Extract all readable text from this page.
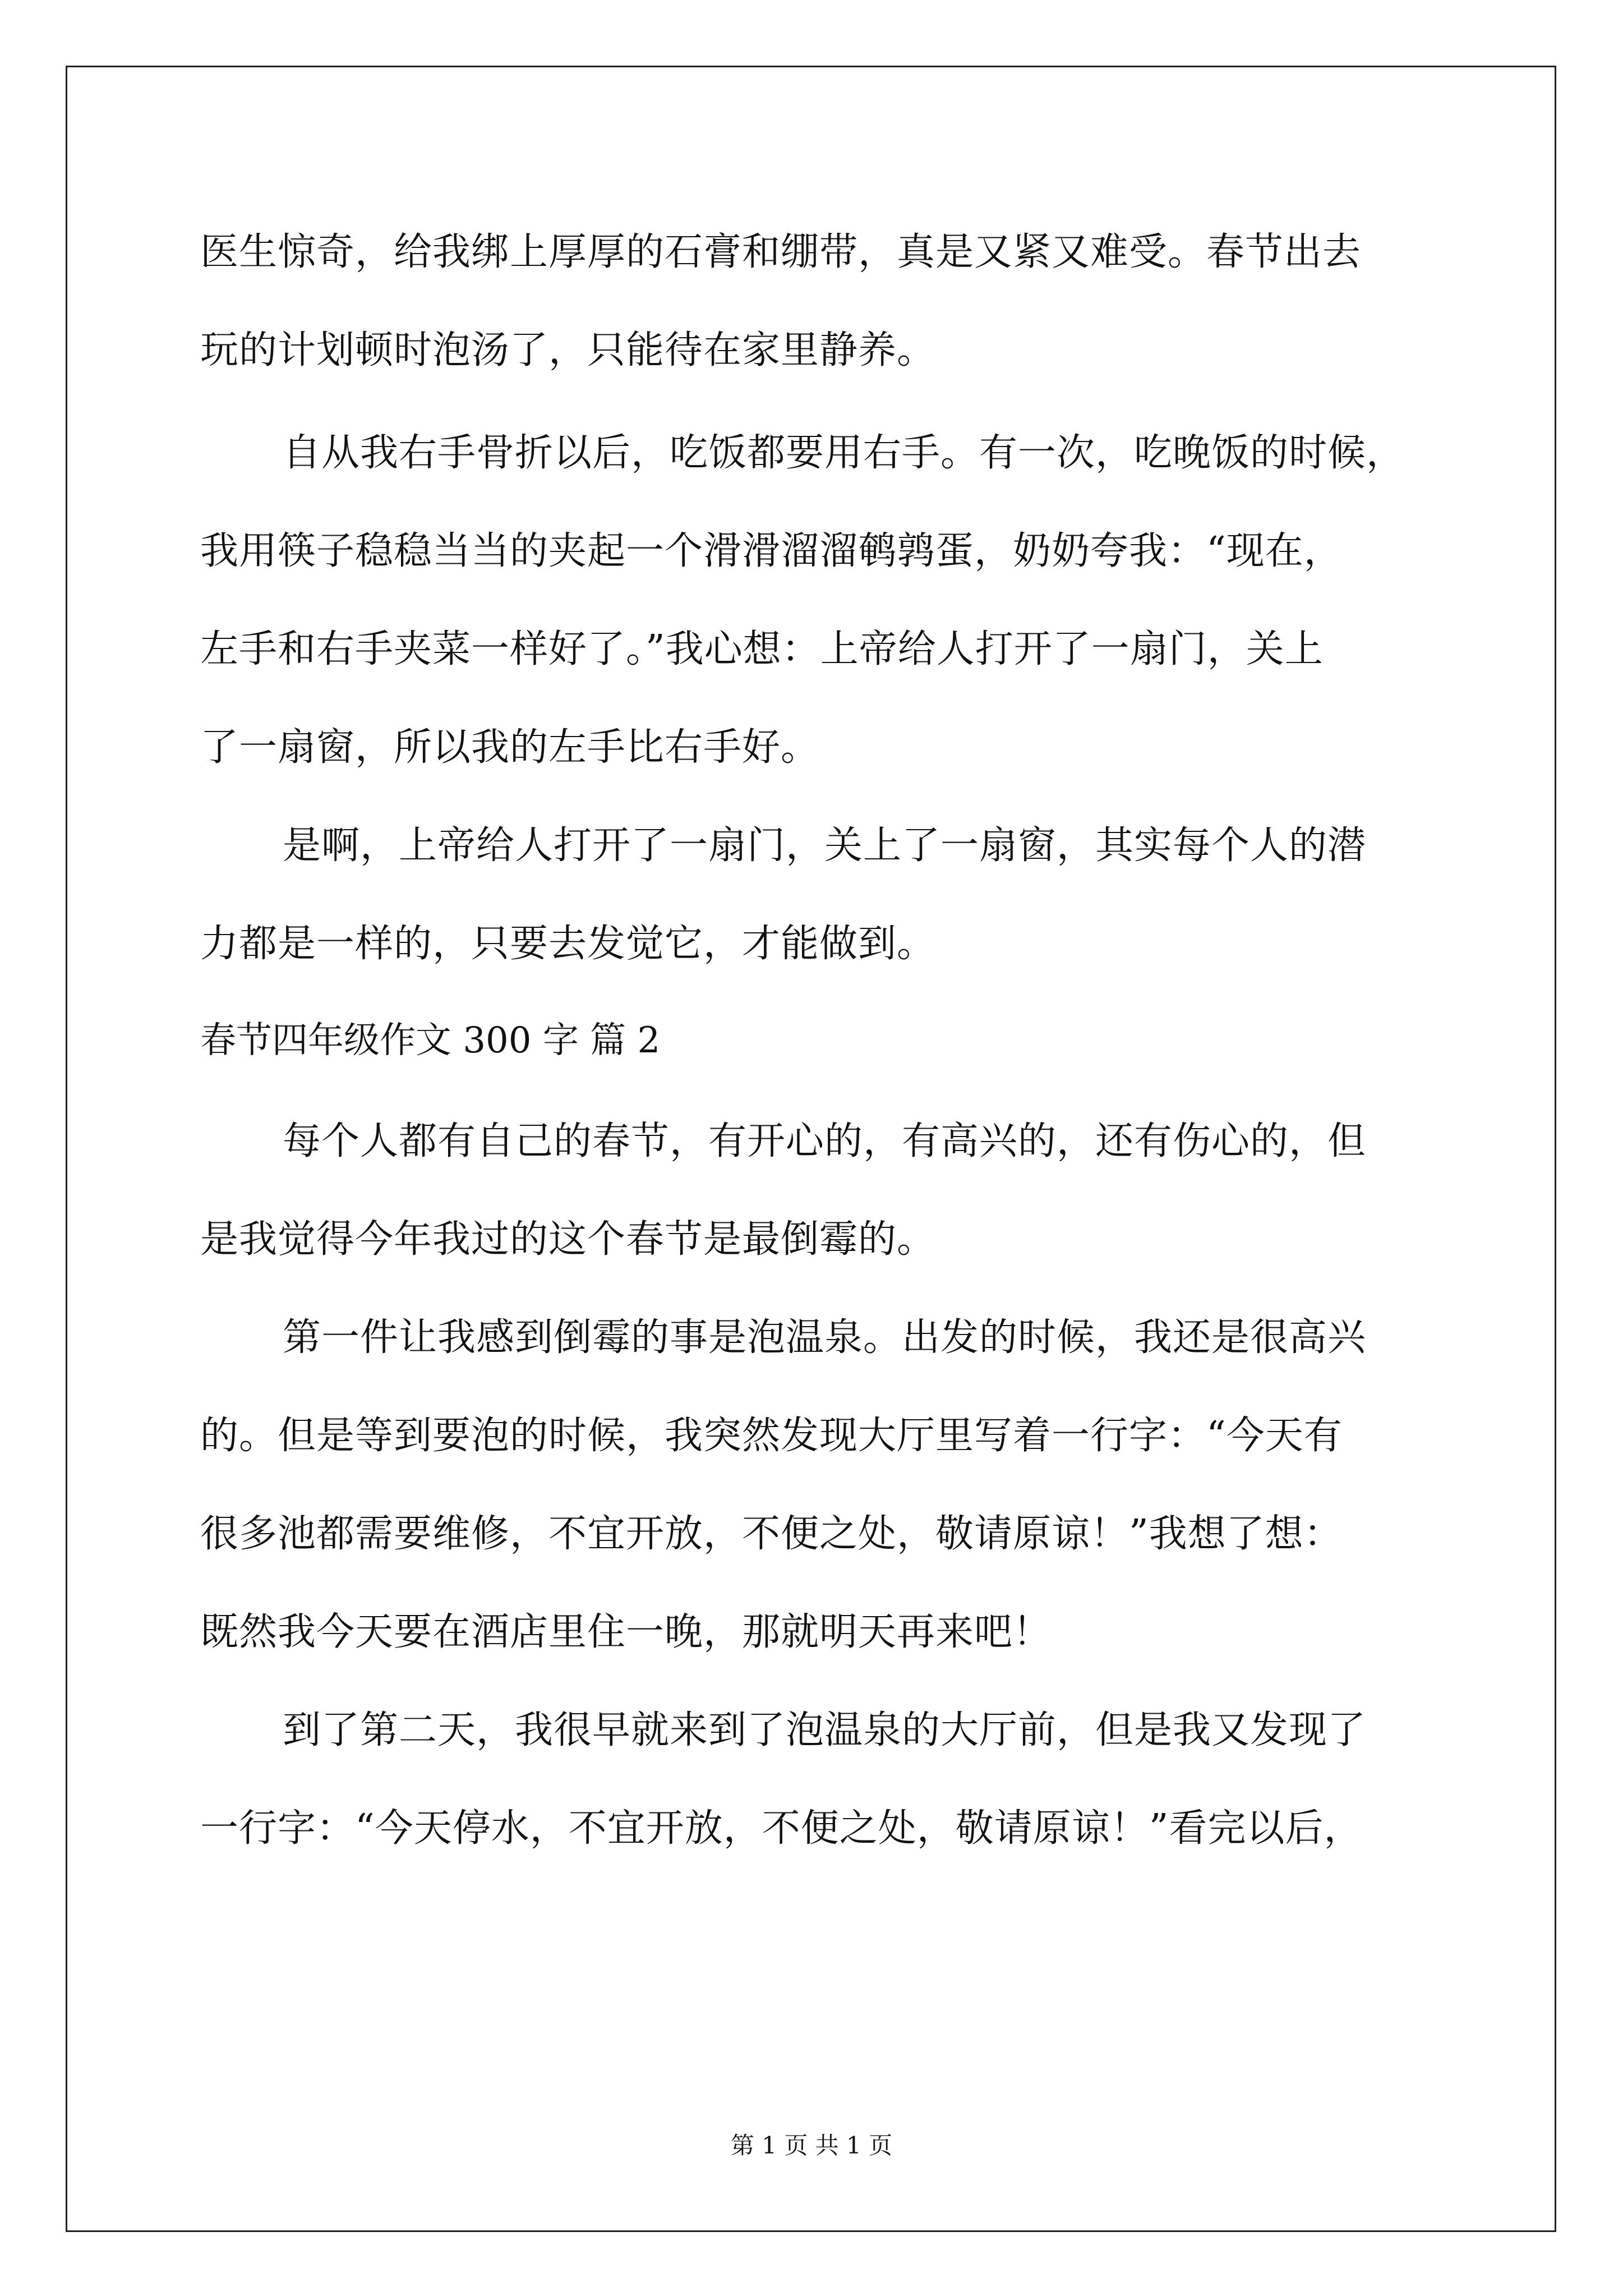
医生惊奇，给我绑上厚厚的石膏和绷带，真是又紧又难受。春节出去
玩的计划顿时泡汤了，只能待在家里静养。
自从我右手骨折以后，吃饭都要用右手。有一次，吃晚饭的时候，
我用筷子稳稳当当的夹起一个滑滑溜溜鹌鹑蛋，奶奶夸我：“现在，
左手和右手夹菜一样好了。”我心想：上帝给人打开了一扇门，关上
了一扇窗，所以我的左手比右手好。
是啊，上帝给人打开了一扇门，关上了一扇窗，其实每个人的潜
力都是一样的，只要去发觉它，才能做到。
春节四年级作文 300 字 篇 2
每个人都有自己的春节，有开心的，有高兴的，还有伤心的，但
是我觉得今年我过的这个春节是最倒霉的。
第一件让我感到倒霉的事是泡温泉。出发的时候，我还是很高兴
的。但是等到要泡的时候，我突然发现大厅里写着一行字：“今天有
很多池都需要维修，不宜开放，不便之处，敬请原谅！”我想了想：
既然我今天要在酒店里住一晚，那就明天再来吧！
到了第二天，我很早就来到了泡温泉的大厅前，但是我又发现了
一行字：“今天停水，不宜开放，不便之处，敬请原谅！”看完以后，
第 1 页 共 1 页
